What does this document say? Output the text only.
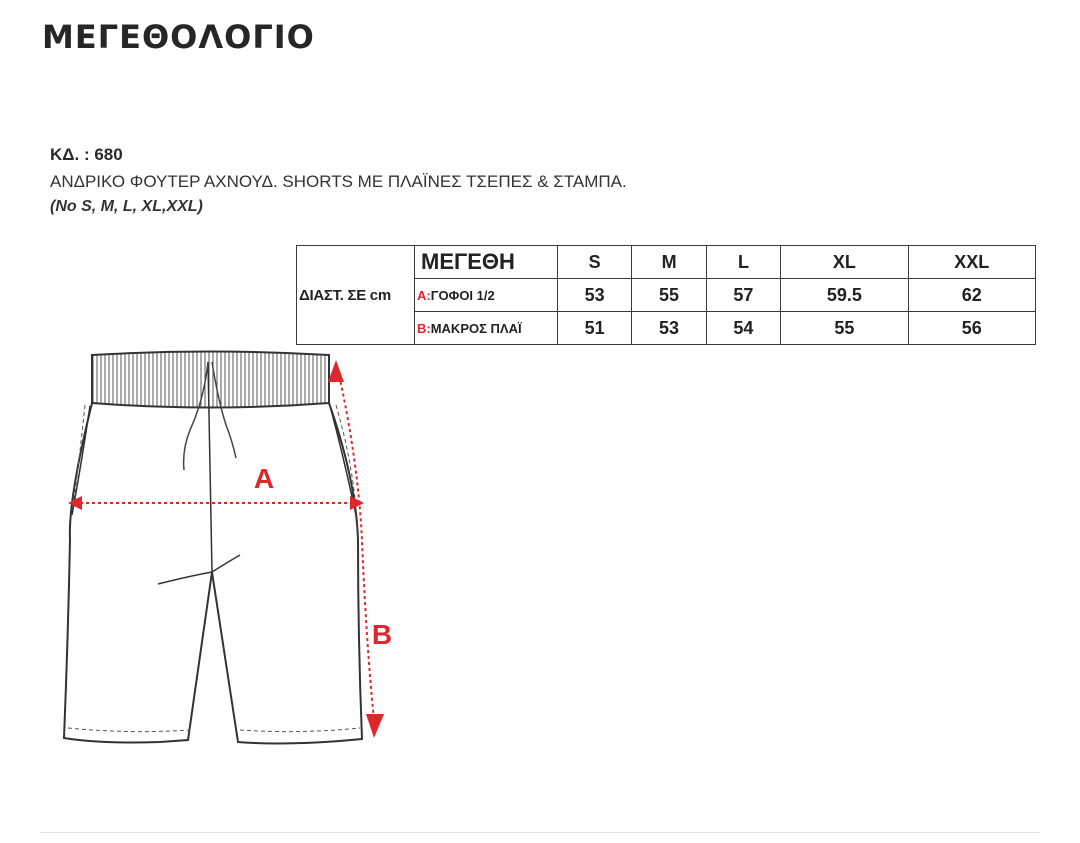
ΜΕΓΕΘΟΛΟΓΙΟ
ΚΔ. : 680
ΑΝΔΡΙΚΟ ΦΟΥΤΕΡ ΑΧΝΟΥΔ. SHORTS ΜΕ ΠΛΑΪΝΕΣ ΤΣΕΠΕΣ & ΣΤΑΜΠΑ.
(No S, M, L, XL,XXL)
ΔΙΑΣΤ. ΣΕ cm	ΜΕΓΕΘΗ	S	M	L	XL	XXL
	A:ΓΟΦΟΙ 1/2	53	55	57	59.5	62
	B:ΜΑΚΡΟΣ ΠΛΑΪ	51	53	54	55	56
A
B
